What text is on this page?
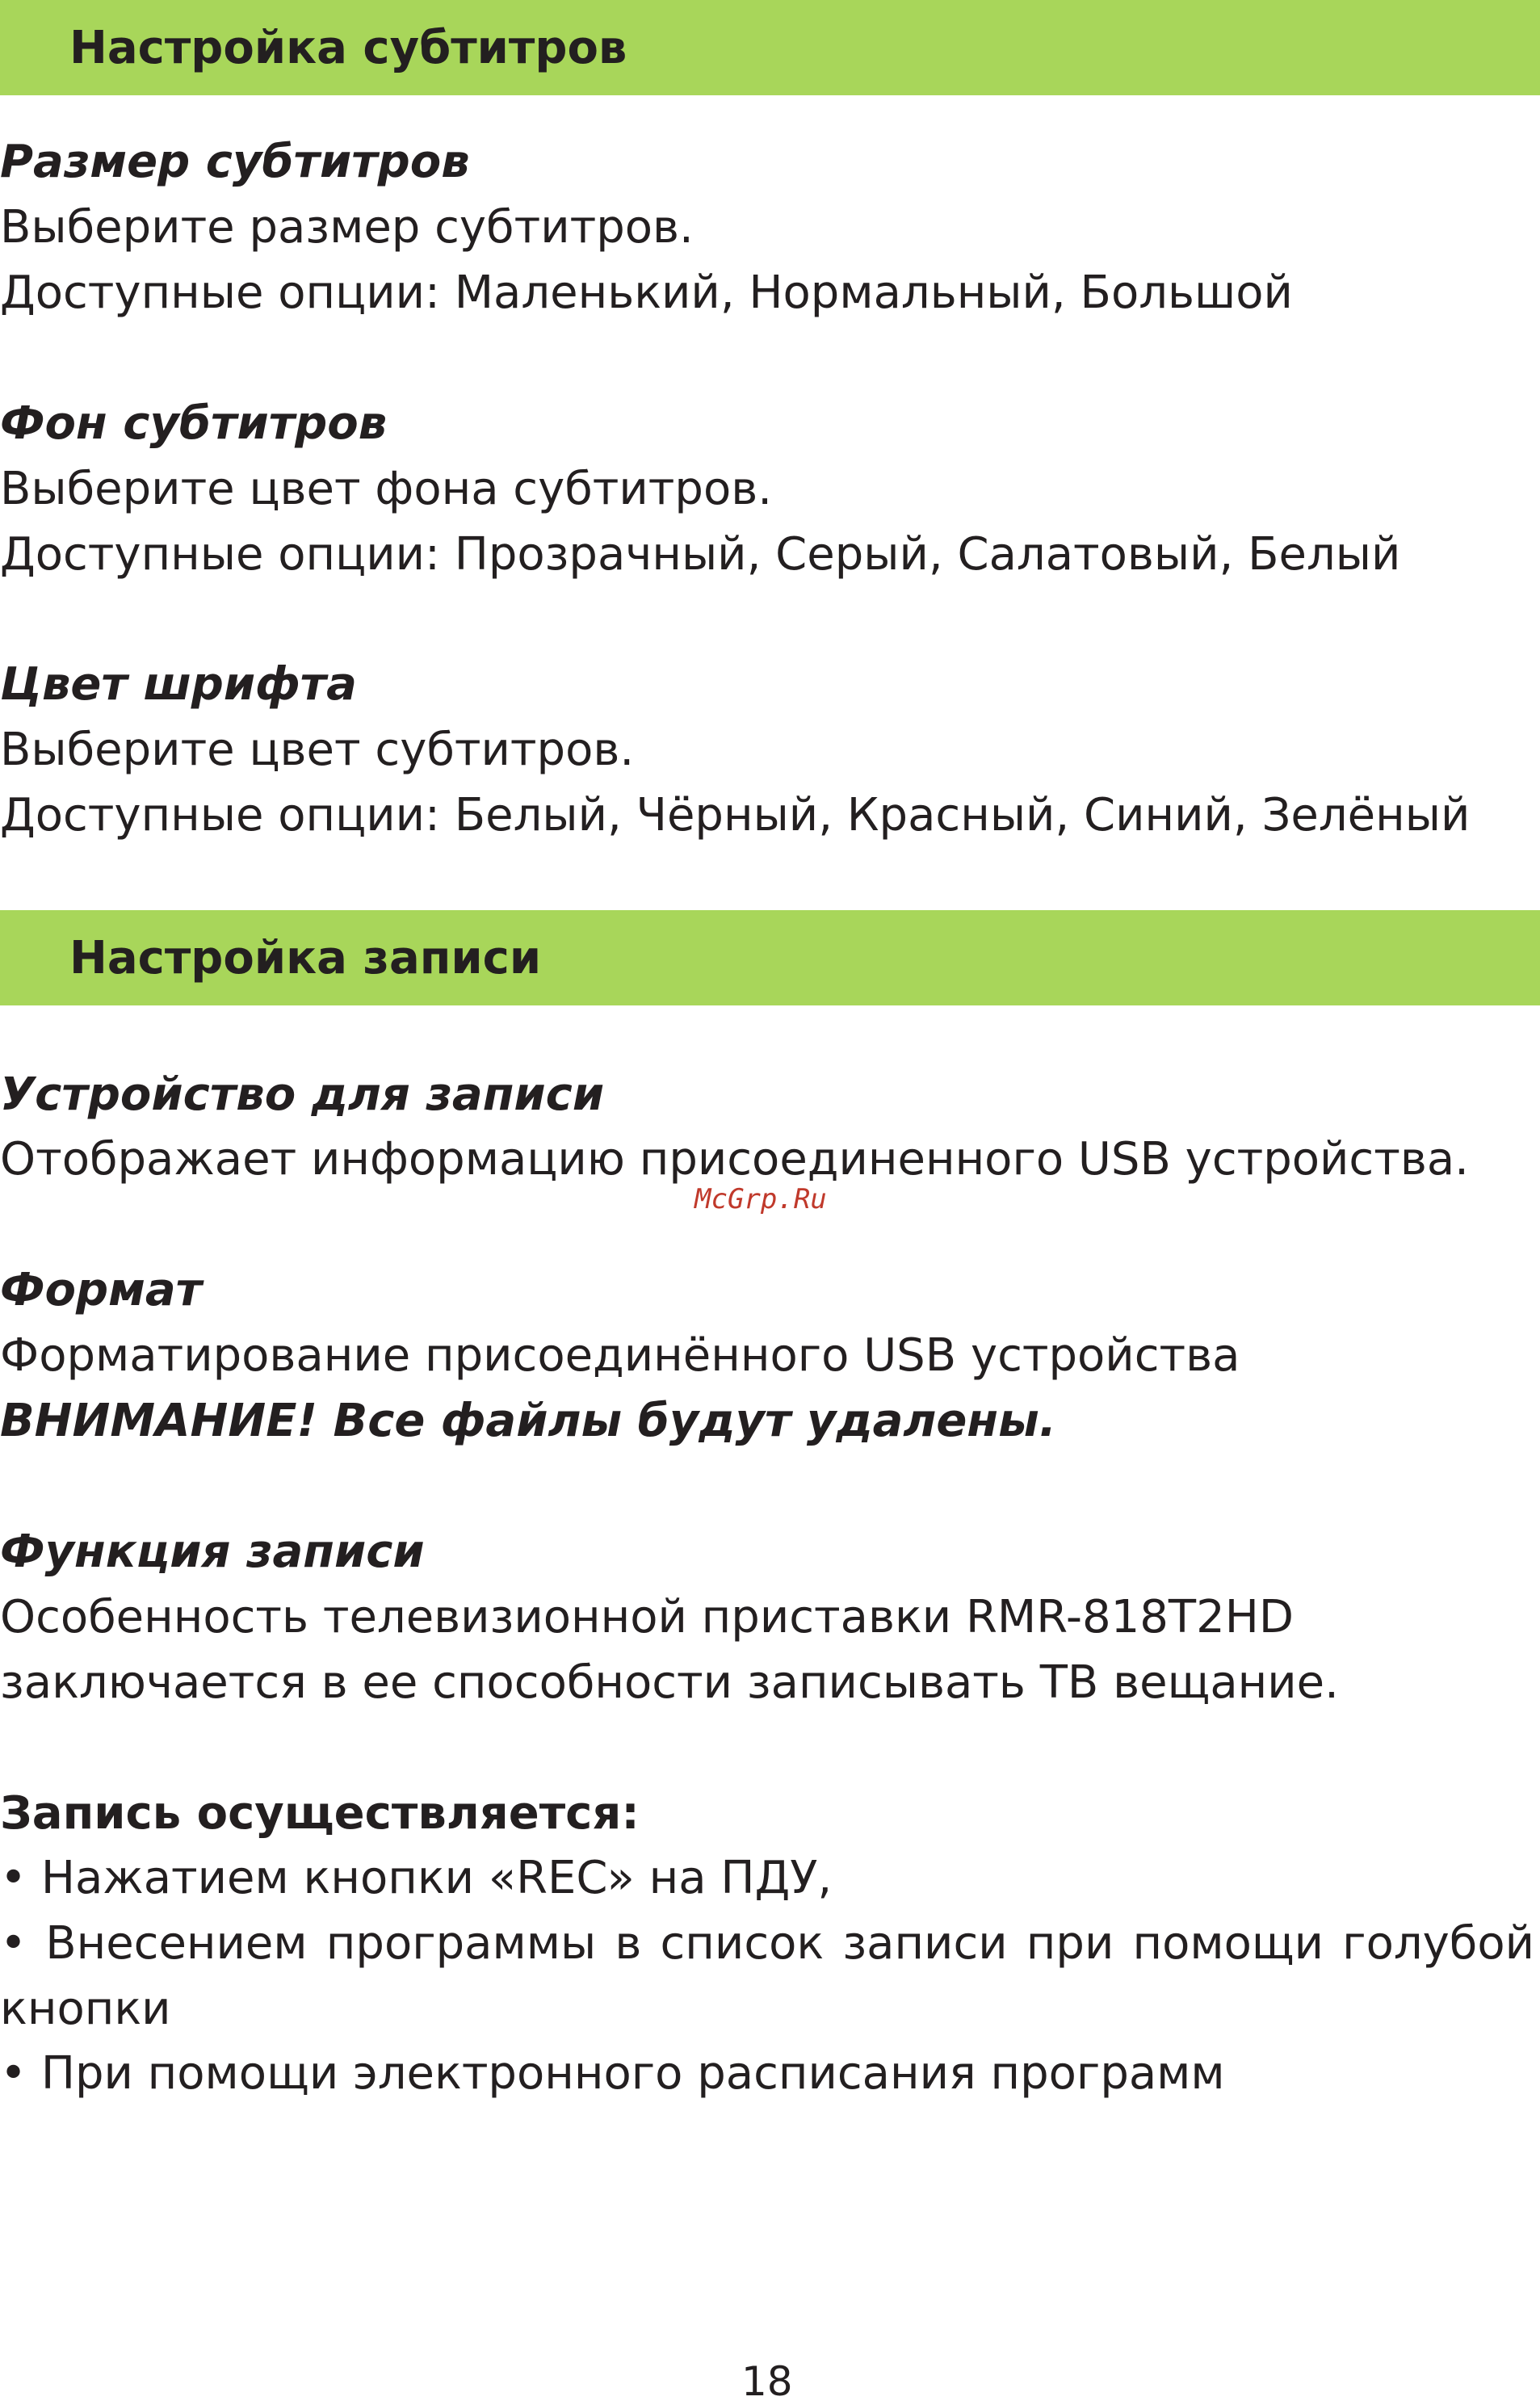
Настройка субтитров
Размер субтитров
Выберите размер субтитров.
Доступные опции: Маленький, Нормальный, Большой
Фон субтитров
Выберите цвет фона субтитров.
Доступные опции: Прозрачный, Серый, Салатовый, Белый
Цвет шрифта
Выберите цвет субтитров.
Доступные опции: Белый, Чёрный, Красный, Синий, Зелёный
Настройка записи
Устройство для записи
Отображает информацию присоединенного USB устройства.
McGrp.Ru
Формат
Форматирование присоединённого USB устройства
ВНИМАНИЕ! Все файлы будут удалены.
Функция записи
Особенность телевизионной приставки RMR-818T2HD
заключается в ее способности записывать ТВ вещание.
Запись осуществляется:
• Нажатием кнопки «REC» на ПДУ,
• Внесением программы в список записи при помощи голубой
кнопки
• При помощи электронного расписания программ
18
